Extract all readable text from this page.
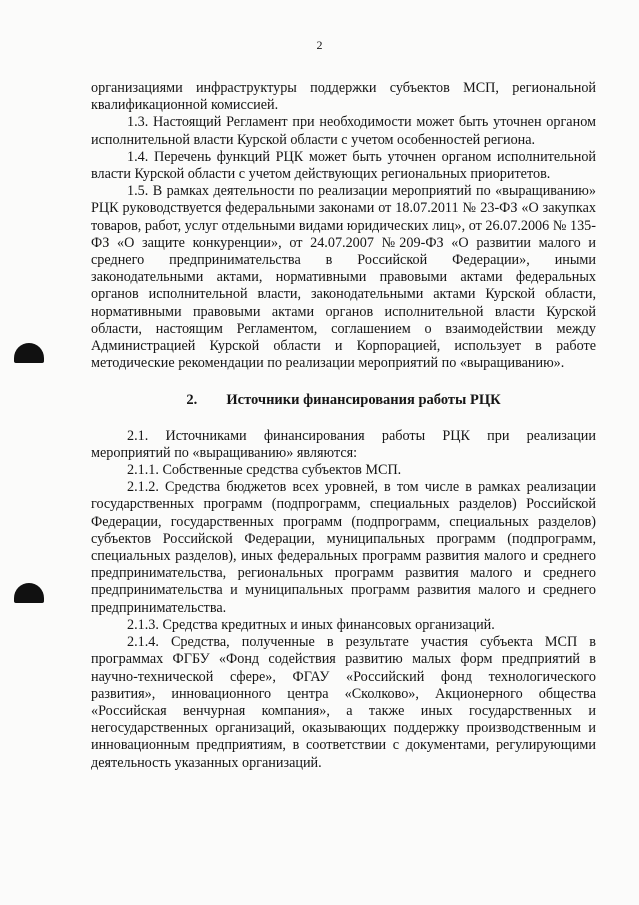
2

организациями инфраструктуры поддержки субъектов МСП, региональной квалификационной комиссией.

1.3. Настоящий Регламент при необходимости может быть уточнен органом исполнительной власти Курской области с учетом особенностей региона.

1.4. Перечень функций РЦК может быть уточнен органом исполнительной власти Курской области с учетом действующих региональных приоритетов.

1.5. В рамках деятельности по реализации мероприятий по «выращиванию» РЦК руководствуется федеральными законами от 18.07.2011 № 23-ФЗ «О закупках товаров, работ, услуг отдельными видами юридических лиц», от 26.07.2006 № 135-ФЗ «О защите конкуренции», от 24.07.2007 №209-ФЗ «О развитии малого и среднего предпринимательства в Российской Федерации», иными законодательными актами, нормативными правовыми актами федеральных органов исполнительной власти, законодательными актами Курской области, нормативными правовыми актами органов исполнительной власти Курской области, настоящим Регламентом, соглашением о взаимодействии между Администрацией Курской области и Корпорацией, использует в работе методические рекомендации по реализации мероприятий по «выращиванию».

2. Источники финансирования работы РЦК

2.1. Источниками финансирования работы РЦК при реализации мероприятий по «выращиванию» являются:

2.1.1. Собственные средства субъектов МСП.

2.1.2. Средства бюджетов всех уровней, в том числе в рамках реализации государственных программ (подпрограмм, специальных разделов) Российской Федерации, государственных программ (подпрограмм, специальных разделов) субъектов Российской Федерации, муниципальных программ (подпрограмм, специальных разделов), иных федеральных программ развития малого и среднего предпринимательства, региональных программ развития малого и среднего предпринимательства и муниципальных программ развития малого и среднего предпринимательства.

2.1.3. Средства кредитных и иных финансовых организаций.

2.1.4. Средства, полученные в результате участия субъекта МСП в программах ФГБУ «Фонд содействия развитию малых форм предприятий в научно-технической сфере», ФГАУ «Российский фонд технологического развития», инновационного центра «Сколково», Акционерного общества «Российская венчурная компания», а также иных государственных и негосударственных организаций, оказывающих поддержку производственным и инновационным предприятиям, в соответствии с документами, регулирующими деятельность указанных организаций.
